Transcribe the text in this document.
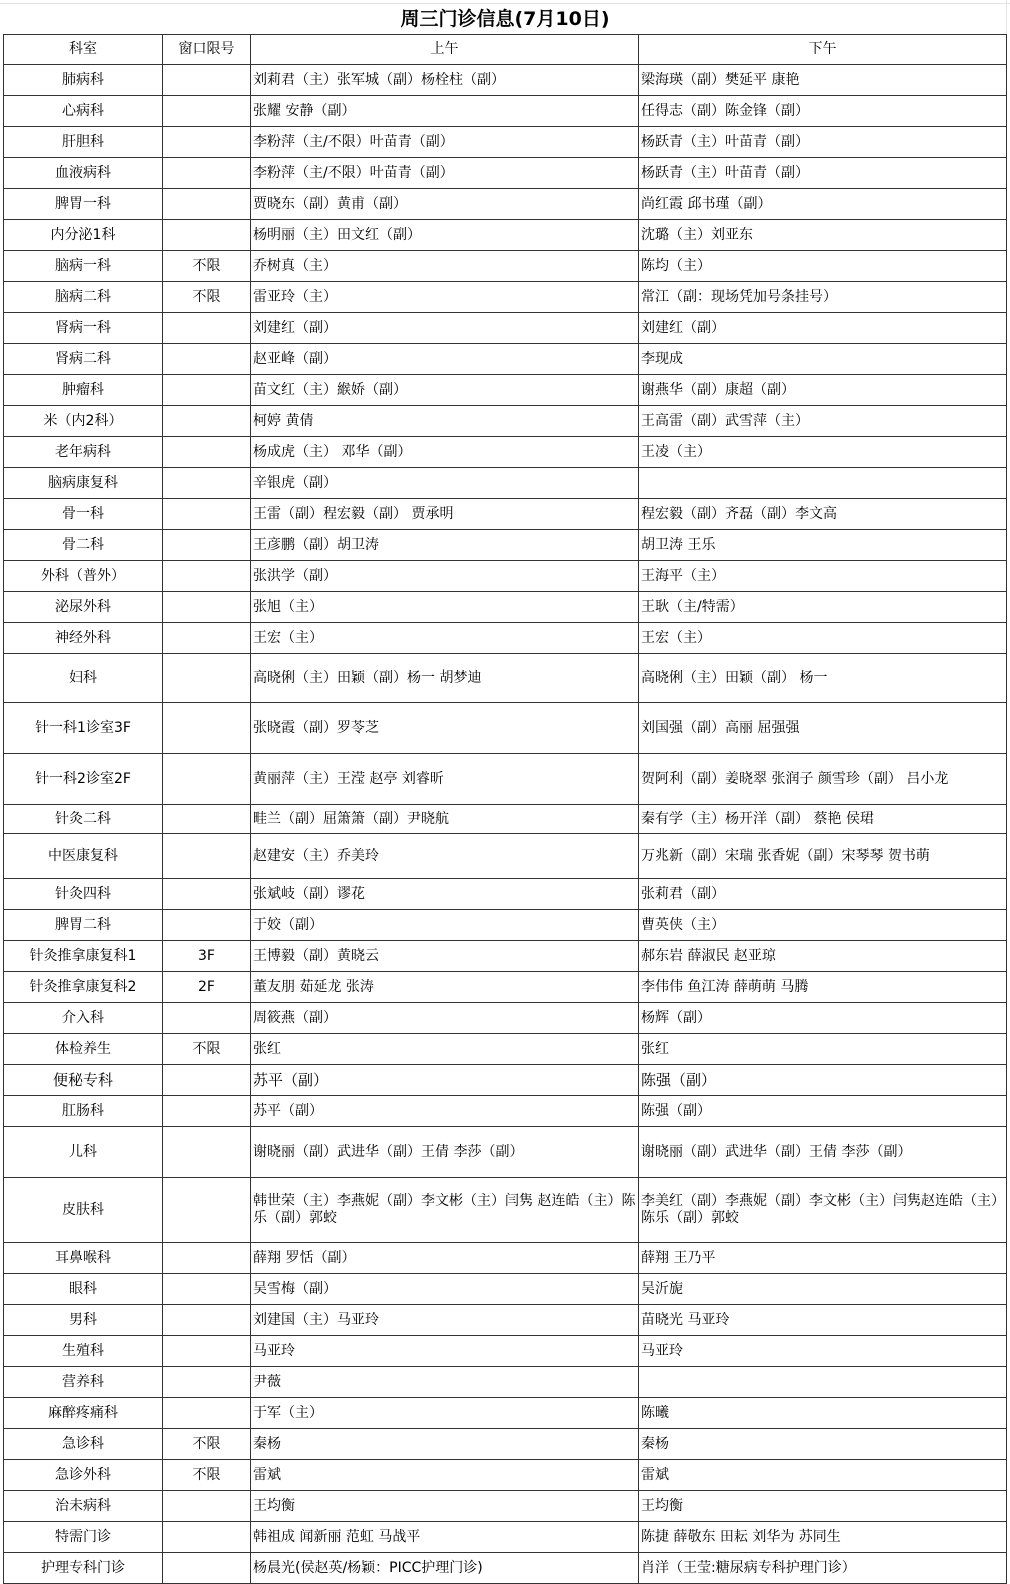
周三门诊信息(7月10日)			
科室	窗口限号	上午	下午
肺病科		刘莉君（主）张军城（副）杨栓柱（副）	梁海瑛（副）樊延平 康艳
心病科		张耀 安静（副）	任得志（副）陈金锋（副）
肝胆科		李粉萍（主/不限）叶苗青（副）	杨跃青（主）叶苗青（副）
血液病科		李粉萍（主/不限）叶苗青（副）	杨跃青（主）叶苗青（副）
脾胃一科		贾晓东（副）黄甫（副）	尚红霞 邱书瑾（副）
内分泌1科		杨明丽（主）田文红（副）	沈璐（主）刘亚东
脑病一科	不限	乔树真（主）	陈均（主）
脑病二科	不限	雷亚玲（主）	常江（副：现场凭加号条挂号）
肾病一科		刘建红（副）	刘建红（副）
肾病二科		赵亚峰（副）	李现成
肿瘤科		苗文红（主）緱娇（副）	谢燕华（副）康超（副）
米（内2科）		柯婷 黄倩	王高雷（副）武雪萍（主）
老年病科		杨成虎（主） 邓华（副）	王凌（主）
脑病康复科		辛银虎（副）	
骨一科		王雷（副）程宏毅（副） 贾承明	程宏毅（副）齐磊（副）李文高
骨二科		王彦鹏（副）胡卫涛	胡卫涛 王乐
外科（普外）		张洪学（副）	王海平（主）
泌尿外科		张旭（主）	王耿（主/特需）
神经外科		王宏（主）	王宏（主）
妇科		高晓俐（主）田颖（副）杨一 胡梦迪	高晓俐（主）田颖（副） 杨一
针一科1诊室3F		张晓霞（副）罗苓芝	刘国强（副）高丽 屈强强
针一科2诊室2F		黄丽萍（主）王滢 赵亭 刘睿昕	贺阿利（副）姜晓翠 张润子 颜雪珍（副） 吕小龙
针灸二科		畦兰（副）屈箫箫（副）尹晓航	秦有学（主）杨开洋（副） 蔡艳 侯珺
中医康复科		赵建安（主）乔美玲	万兆新（副）宋瑞 张香妮（副）宋琴琴 贺书萌
针灸四科		张斌岐（副）谬花	张莉君（副）
脾胃二科		于姣（副）	曹英侠（主）
针灸推拿康复科1	3F	王博毅（副）黄晓云	郝东岩 薛淑民 赵亚琼
针灸推拿康复科2	2F	董友朋 茹延龙 张涛	李伟伟 鱼江涛 薛萌萌 马腾
介入科		周筱燕（副）	杨辉（副）
体检养生	不限	张红	张红
便秘专科		苏平（副）	陈强（副）
肛肠科		苏平（副）	陈强（副）
儿科		谢晓丽（副）武进华（副）王倩 李莎（副）	谢晓丽（副）武进华（副）王倩 李莎（副）
皮肤科		韩世荣（主）李燕妮（副）李文彬（主）闫隽 赵连皓（主）陈乐（副）郭蛟	李美红（副）李燕妮（副）李文彬（主）闫隽赵连皓（主）陈乐（副）郭蛟
耳鼻喉科		薛翔 罗恬（副）	薛翔 王乃平
眼科		吴雪梅（副）	吴沂旎
男科		刘建国（主）马亚玲	苗晓光 马亚玲
生殖科		马亚玲	马亚玲
营养科		尹薇	
麻醉疼痛科		于军（主）	陈曦
急诊科	不限	秦杨	秦杨
急诊外科	不限	雷斌	雷斌
治未病科		王均衡	王均衡
特需门诊		韩祖成 闻新丽 范虹 马战平	陈捷 薛敬东 田耘 刘华为 苏同生
护理专科门诊		杨晨光(侯赵英/杨颖：PICC护理门诊)	肖洋（王莹:糖尿病专科护理门诊）
